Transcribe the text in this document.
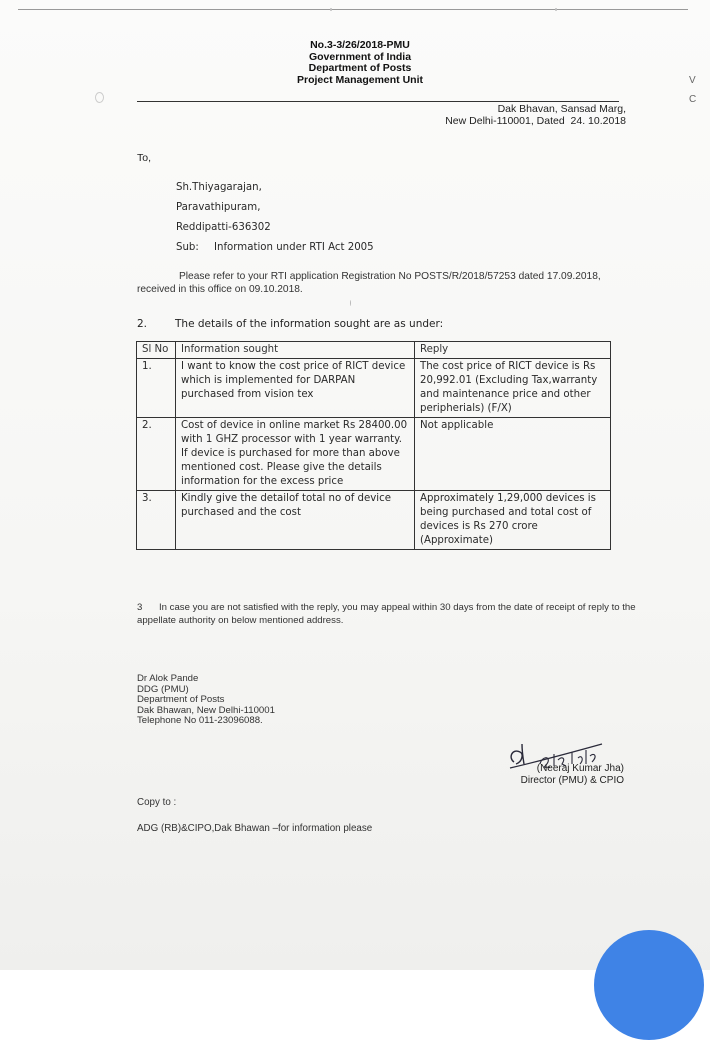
No.3-3/26/2018-PMU
Government of India
Department of Posts
Project Management Unit
Dak Bhavan, Sansad Marg,
New Delhi-110001, Dated 24. 10.2018
To,
Sh.Thiyagarajan,
Paravathipuram,
Reddipatti-636302
Sub: Information under RTI Act 2005
Please refer to your RTI application Registration No POSTS/R/2018/57253 dated 17.09.2018, received in this office on 09.10.2018.
2.	The details of the information sought are as under:
Sl No	Information sought	Reply
1.	I want to know the cost price of RICT device which is implemented for DARPAN purchased from vision tex	The cost price of RICT device is Rs 20,992.01 (Excluding Tax,warranty and maintenance price and other peripherials) (F/X)
2.	Cost of device in online market Rs 28400.00 with 1 GHZ processor with 1 year warranty. If device is purchased for more than above mentioned cost. Please give the details information for the excess price	Not applicable
3.	Kindly give the detailof total no of device purchased and the cost	Approximately 1,29,000 devices is being purchased and total cost of devices is Rs 270 crore (Approximate)
3 In case you are not satisfied with the reply, you may appeal within 30 days from the date of receipt of reply to the appellate authority on below mentioned address.
Dr Alok Pande
DDG (PMU)
Department of Posts
Dak Bhawan, New Delhi-110001
Telephone No 011-23096088.
(Neeraj Kumar Jha)
Director (PMU) & CPIO
Copy to :
ADG (RB)&CIPO,Dak Bhawan –for information please
V
C
